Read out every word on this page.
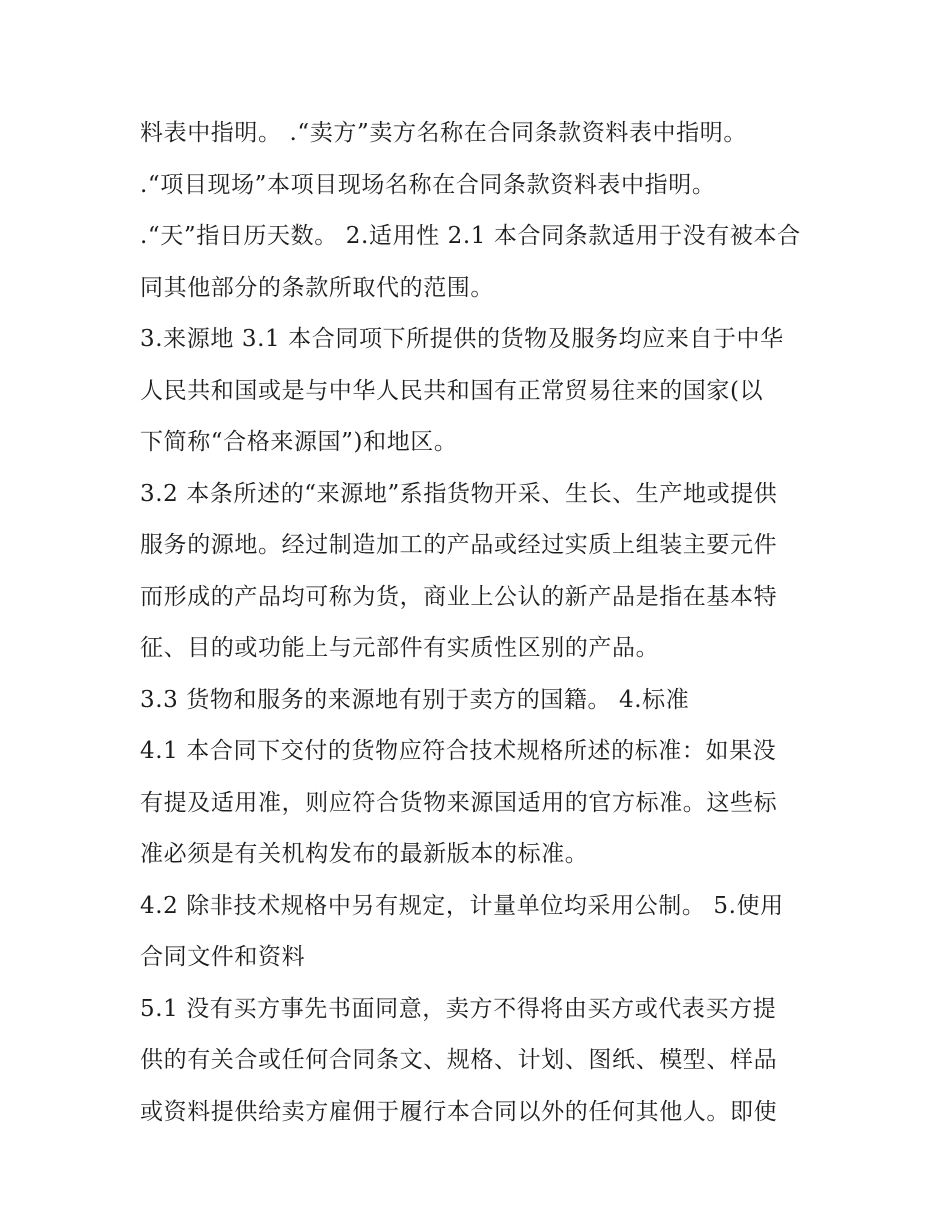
料表中指明。 .“卖方”卖方名称在合同条款资料表中指明。
.“项目现场”本项目现场名称在合同条款资料表中指明。
.“天”指日历天数。 2.适用性 2.1 本合同条款适用于没有被本合
同其他部分的条款所取代的范围。
3.来源地 3.1 本合同项下所提供的货物及服务均应来自于中华
人民共和国或是与中华人民共和国有正常贸易往来的国家(以
下简称“合格来源国”)和地区。
3.2 本条所述的“来源地”系指货物开采、生长、生产地或提供
服务的源地。经过制造加工的产品或经过实质上组装主要元件
而形成的产品均可称为货，商业上公认的新产品是指在基本特
征、目的或功能上与元部件有实质性区别的产品。
3.3 货物和服务的来源地有别于卖方的国籍。 4.标准
4.1 本合同下交付的货物应符合技术规格所述的标准：如果没
有提及适用准，则应符合货物来源国适用的官方标准。这些标
准必须是有关机构发布的最新版本的标准。
4.2 除非技术规格中另有规定，计量单位均采用公制。 5.使用
合同文件和资料
5.1 没有买方事先书面同意，卖方不得将由买方或代表买方提
供的有关合或任何合同条文、规格、计划、图纸、模型、样品
或资料提供给卖方雇佣于履行本合同以外的任何其他人。即使
